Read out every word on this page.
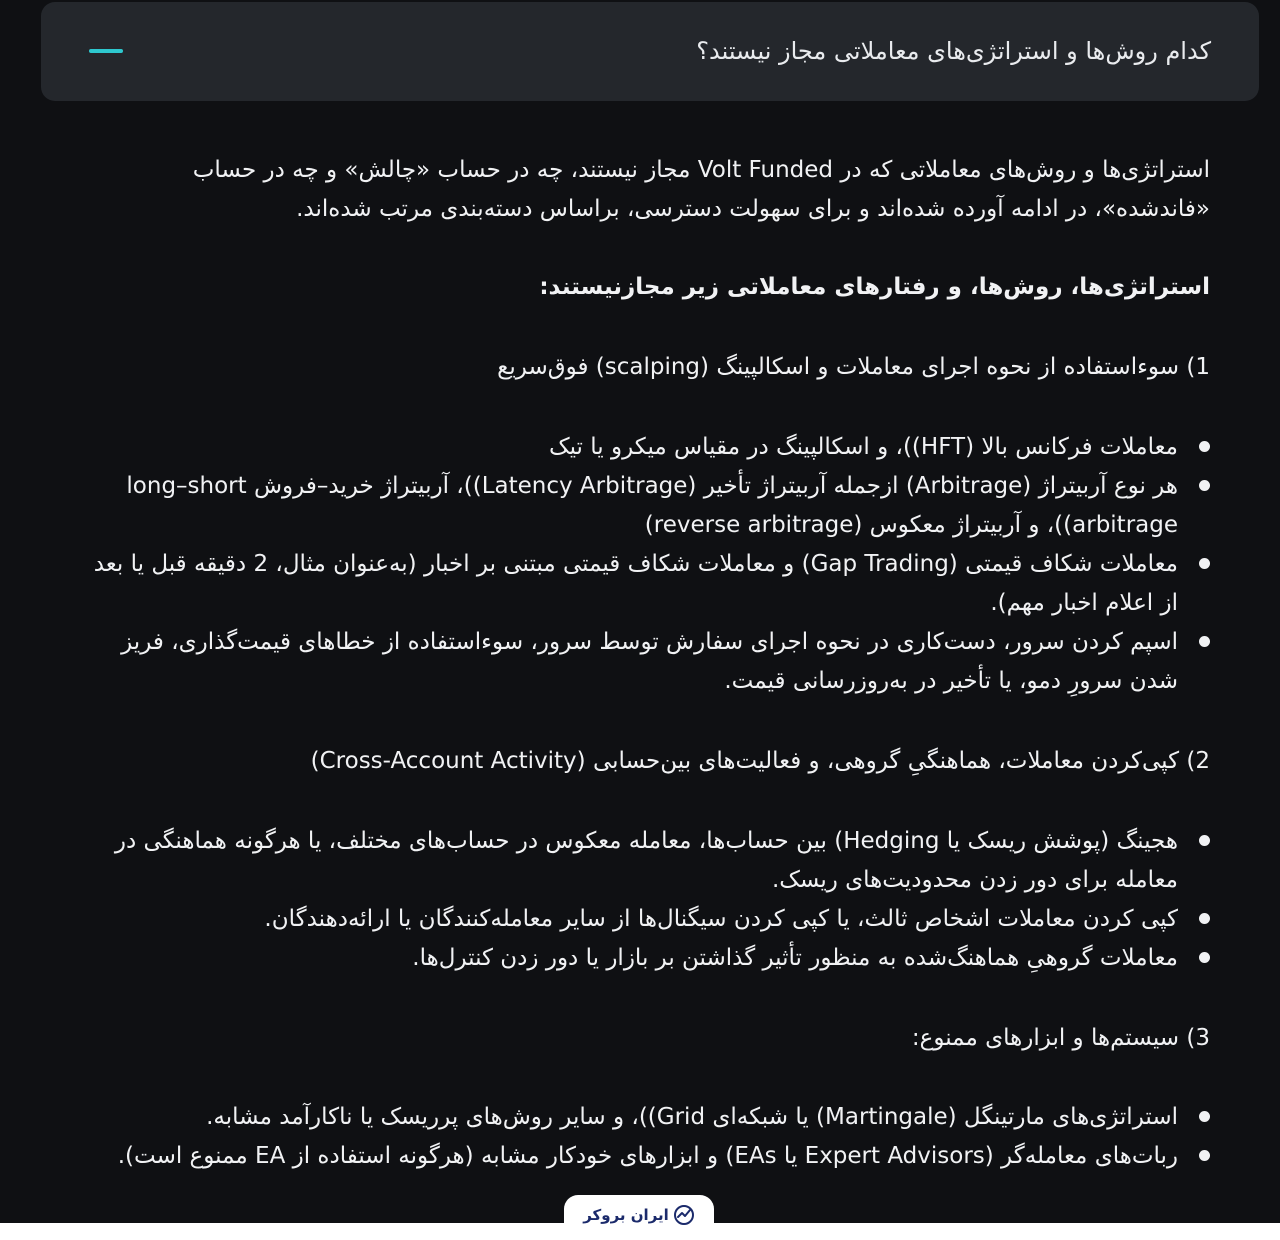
کدام روش‌ها و استراتژی‌های معاملاتی مجاز نیستند؟

استراتژی‌ها و روش‌های معاملاتی که در Volt Funded مجاز نیستند، چه در حساب «چالش» و چه در حساب «فاندشده»، در ادامه آورده شده‌اند و برای سهولت دسترسی، براساس دسته‌بندی مرتب شده‌اند.

استراتژی‌ها، روش‌ها، و رفتارهای معاملاتی زیر مجازنیستند:

1) سوءاستفاده از نحوه اجرای معاملات و اسکالپینگ (scalping) فوق‌سریع

معاملات فرکانس بالا (HFT))، و اسکالپینگ در مقیاس میکرو یا تیک
هر نوع آربیتراژ (Arbitrage) ازجمله آربیتراژ تأخیر (Latency Arbitrage))، آربیتراژ خرید–فروش long–short arbitrage))، و آربیتراژ معکوس (reverse arbitrage)
معاملات شکاف قیمتی (Gap Trading) و معاملات شکاف قیمتی مبتنی بر اخبار (به‌عنوان مثال، 2 دقیقه قبل یا بعد از اعلام اخبار مهم).
اسپم کردن سرور، دست‌کاری در نحوه اجرای سفارش توسط سرور، سوءاستفاده از خطاهای قیمت‌گذاری، فریز شدن سرورِ دمو، یا تأخیر در به‌روزرسانی قیمت.

2) کپی‌کردن معاملات، هماهنگیِ گروهی، و فعالیت‌های بین‌حسابی (Cross-Account Activity)

هجینگ (پوشش ریسک یا Hedging) بین حساب‌ها، معامله معکوس در حساب‌های مختلف، یا هرگونه هماهنگی در معامله برای دور زدن محدودیت‌های ریسک.
کپی کردن معاملات اشخاص ثالث، یا کپی کردن سیگنال‌ها از سایر معامله‌کنندگان یا ارائه‌دهندگان.
معاملات گروهیِ هماهنگ‌شده به منظور تأثیر گذاشتن بر بازار یا دور زدن کنترل‌ها.

3) سیستم‌ها و ابزارهای ممنوع:

استراتژی‌های مارتینگل (Martingale) یا شبکه‌ای Grid))، و سایر روش‌های پرریسک یا ناکارآمد مشابه.
ربات‌های معامله‌گر (Expert Advisors یا EAs) و ابزارهای خودکار مشابه (هرگونه استفاده از EA ممنوع است).
ایران بروکر
